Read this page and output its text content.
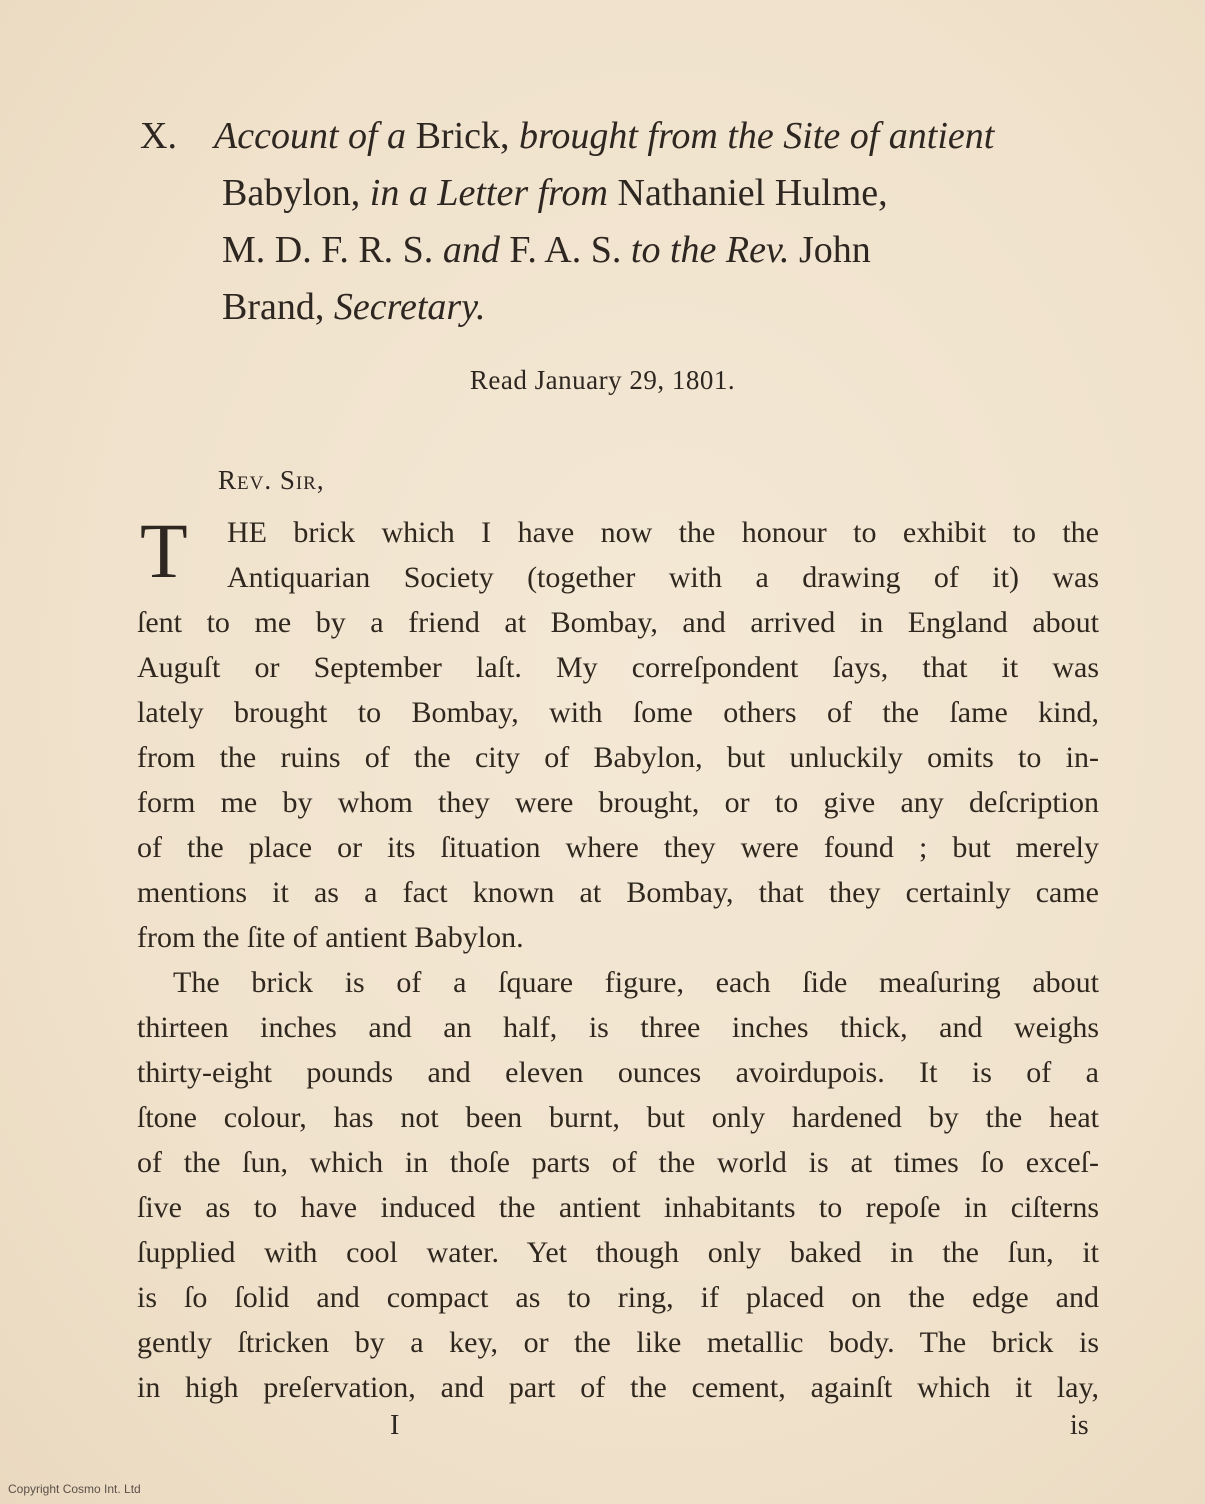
X. Account of a Brick, brought from the Site of antient
Babylon, in a Letter from Nathaniel Hulme,
M. D. F. R. S. and F. A. S. to the Rev. John
Brand, Secretary.
Read January 29, 1801.
Rev. Sir,
T	HE brick which I have now the honour to exhibit to the
Antiquarian Society (together with a drawing of it) was
ſent to me by a friend at Bombay, and arrived in England about
Auguſt or September laſt. My correſpondent ſays, that it was
lately brought to Bombay, with ſome others of the ſame kind,
from the ruins of the city of Babylon, but unluckily omits to in-
form me by whom they were brought, or to give any deſcription
of the place or its ſituation where they were found ; but merely
mentions it as a fact known at Bombay, that they certainly came
from the ſite of antient Babylon.
The brick is of a ſquare figure, each ſide meaſuring about
thirteen inches and an half, is three inches thick, and weighs
thirty-eight pounds and eleven ounces avoirdupois. It is of a
ſtone colour, has not been burnt, but only hardened by the heat
of the ſun, which in thoſe parts of the world is at times ſo exceſ-
ſive as to have induced the antient inhabitants to repoſe in ciſterns
ſupplied with cool water. Yet though only baked in the ſun, it
is ſo ſolid and compact as to ring, if placed on the edge and
gently ſtricken by a key, or the like metallic body. The brick is
in high preſervation, and part of the cement, againſt which it lay,
I	is
Copyright Cosmo Int. Ltd
